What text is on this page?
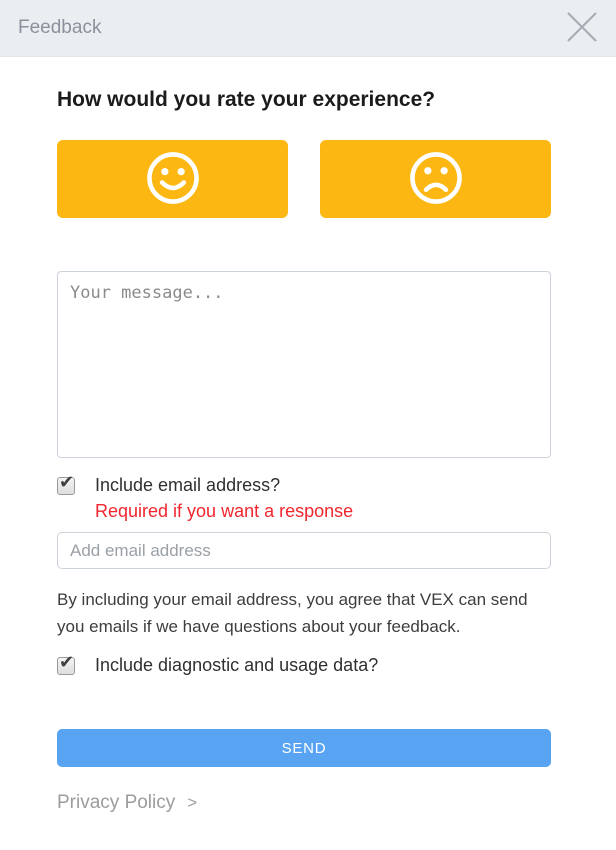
Feedback
How would you rate your experience?
Your message...
✔ Include email address?
Required if you want a response
Add email address

By including your email address, you agree that VEX can send you emails if we have questions about your feedback.

✔ Include diagnostic and usage data?
SEND
Privacy Policy >
